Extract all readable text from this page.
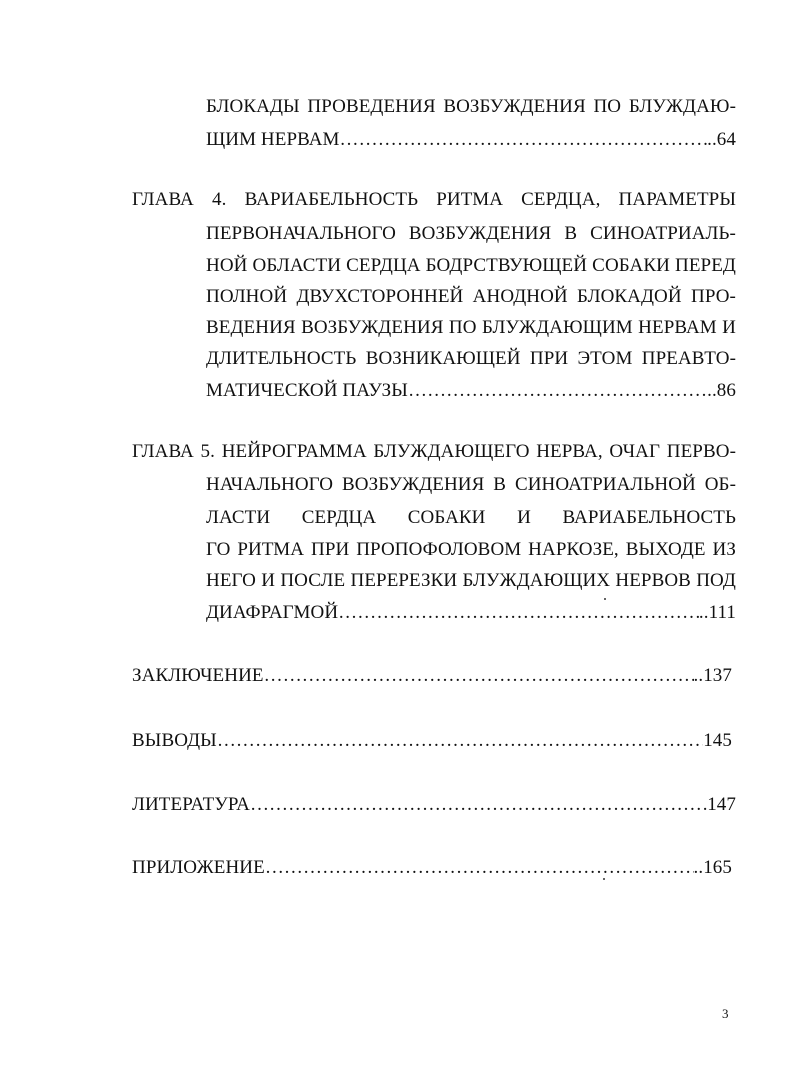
БЛОКАДЫ ПРОВЕДЕНИЯ ВОЗБУЖДЕНИЯ ПО БЛУЖДАЮ-
ЩИМ НЕРВАМ ……………………………………………………………………………………………………………………………………………………………………	..64
ГЛАВА 4. ВАРИАБЕЛЬНОСТЬ РИТМА СЕРДЦА, ПАРАМЕТРЫ
ПЕРВОНАЧАЛЬНОГО ВОЗБУЖДЕНИЯ В СИНОАТРИАЛЬ-
НОЙ ОБЛАСТИ СЕРДЦА БОДРСТВУЮЩЕЙ СОБАКИ ПЕРЕД
ПОЛНОЙ ДВУХСТОРОННЕЙ АНОДНОЙ БЛОКАДОЙ ПРО-
ВЕДЕНИЯ ВОЗБУЖДЕНИЯ ПО БЛУЖДАЮЩИМ НЕРВАМ И
ДЛИТЕЛЬНОСТЬ ВОЗНИКАЮЩЕЙ ПРИ ЭТОМ ПРЕАВТО-
МАТИЧЕСКОЙ ПАУЗЫ ……………………………………………………………………………………………………………………………………………………………………	..86
ГЛАВА 5. НЕЙРОГРАММА БЛУЖДАЮЩЕГО НЕРВА, ОЧАГ ПЕРВО-
НАЧАЛЬНОГО ВОЗБУЖДЕНИЯ В СИНОАТРИАЛЬНОЙ ОБ-
ЛАСТИ СЕРДЦА СОБАКИ И ВАРИАБЕЛЬНОСТЬ
ГО РИТМА ПРИ ПРОПОФОЛОВОМ НАРКОЗЕ, ВЫХОДЕ ИЗ
НЕГО И ПОСЛЕ ПЕРЕРЕЗКИ БЛУЖДАЮЩИХ НЕРВОВ ПОД
ДИАФРАГМОЙ ……………………………………………………………………………………………………………………………………………………………………	..111
ЗАКЛЮЧЕНИЕ ……………………………………………………………………………………………………………………………………………………………………	..137
ВЫВОДЫ ……………………………………………………………………………………………………………………………………………………………………	145
ЛИТЕРАТУРА ……………………………………………………………………………………………………………………………………………………………………	147
ПРИЛОЖЕНИЕ ……………………………………………………………………………………………………………………………………………………………………	..165
3
